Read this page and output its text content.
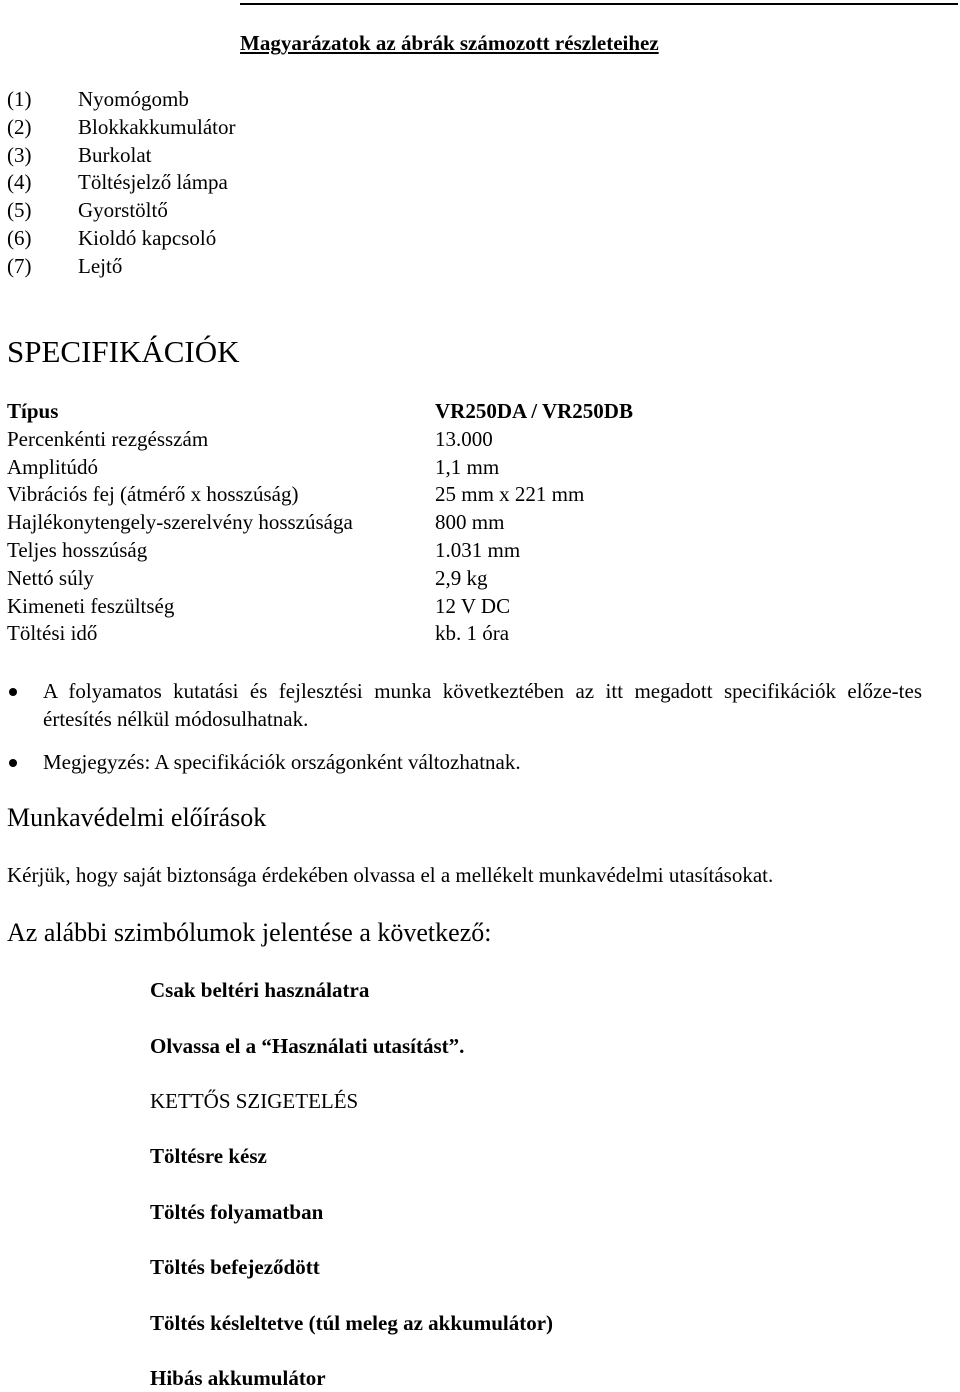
Magyarázatok az ábrák számozott részleteihez
(1) Nyomógomb
(2) Blokkakkumulátor
(3) Burkolat
(4) Töltésjelző lámpa
(5) Gyorstöltő
(6) Kioldó kapcsoló
(7) Lejtő
SPECIFIKÁCIÓK
Típus	VR250DA / VR250DB
Percenkénti rezgésszám	13.000
Amplitúdó	1,1 mm
Vibrációs fej (átmérő x hosszúság)	25 mm x 221 mm
Hajlékonytengely-szerelvény hosszúsága	800 mm
Teljes hosszúság	1.031 mm
Nettó súly	2,9 kg
Kimeneti feszültség	12 V DC
Töltési idő	kb. 1 óra
A folyamatos kutatási és fejlesztési munka következtében az itt megadott specifikációk előze-tes értesítés nélkül módosulhatnak.
Megjegyzés: A specifikációk országonként változhatnak.
Munkavédelmi előírások
Kérjük, hogy saját biztonsága érdekében olvassa el a mellékelt munkavédelmi utasításokat.
Az alábbi szimbólumok jelentése a következő:
Csak beltéri használatra
Olvassa el a “Használati utasítást”.
KETTŐS SZIGETELÉS
Töltésre kész
Töltés folyamatban
Töltés befejeződött
Töltés késleltetve (túl meleg az akkumulátor)
Hibás akkumulátor
